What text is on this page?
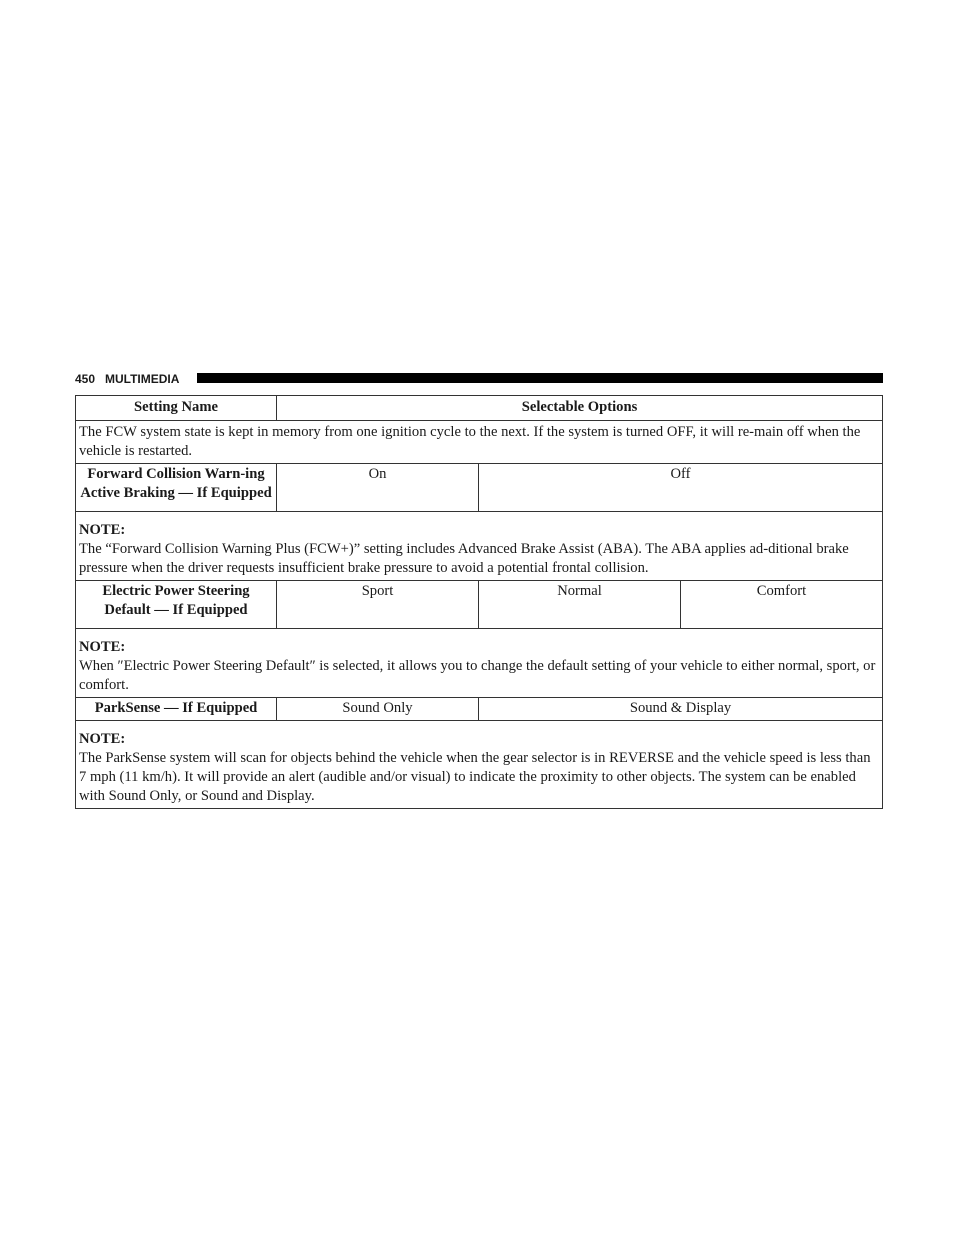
450 MULTIMEDIA
Setting Name	Selectable Options		
The FCW system state is kept in memory from one ignition cycle to the next. If the system is turned OFF, it will re-main off when the vehicle is restarted.			
Forward Collision Warn-ing Active Braking — If Equipped	On	Off	

NOTE:
The “Forward Collision Warning Plus (FCW+)” setting includes Advanced Brake Assist (ABA). The ABA applies ad-ditional brake pressure when the driver requests insufficient brake pressure to avoid a potential frontal collision.			
Electric Power Steering Default — If Equipped	Sport	Normal	Comfort

NOTE:
When ″Electric Power Steering Default″ is selected, it allows you to change the default setting of your vehicle to either normal, sport, or comfort.			
ParkSense — If Equipped	Sound Only	Sound & Display	

NOTE:
The ParkSense system will scan for objects behind the vehicle when the gear selector is in REVERSE and the vehicle speed is less than 7 mph (11 km/h). It will provide an alert (audible and/or visual) to indicate the proximity to other objects. The system can be enabled with Sound Only, or Sound and Display.			
